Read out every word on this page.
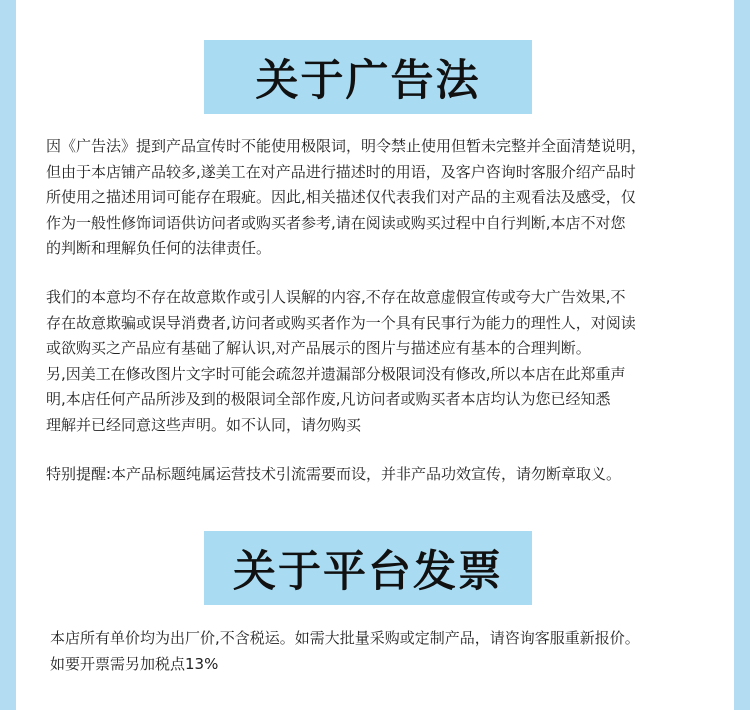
关于广告法

因《广告法》提到产品宣传时不能使用极限词，明令禁止使用但暂未完整并全面清楚说明，

但由于本店铺产品较多,遂美工在对产品进行描述时的用语，及客户咨询时客服介绍产品时

所使用之描述用词可能存在瑕疵。因此,相关描述仅代表我们对产品的主观看法及感受，仅

作为一般性修饰词语供访问者或购买者参考,请在阅读或购买过程中自行判断,本店不对您

的判断和理解负任何的法律责任。

我们的本意均不存在故意欺作或引人误解的内容,不存在故意虚假宣传或夸大广告效果,不

存在故意欺骗或误导消费者,访问者或购买者作为一个具有民事行为能力的理性人，对阅读

或欲购买之产品应有基础了解认识,对产品展示的图片与描述应有基本的合理判断。

另,因美工在修改图片文字时可能会疏忽并遗漏部分极限词没有修改,所以本店在此郑重声

明,本店任何产品所涉及到的极限词全部作废,凡访问者或购买者本店均认为您已经知悉

理解并已经同意这些声明。如不认同，请勿购买

特别提醒:本产品标题纯属运营技术引流需要而设，并非产品功效宣传，请勿断章取义。

关于平台发票

本店所有单价均为出厂价,不含税运。如需大批量采购或定制产品，请咨询客服重新报价。

如要开票需另加税点13%
